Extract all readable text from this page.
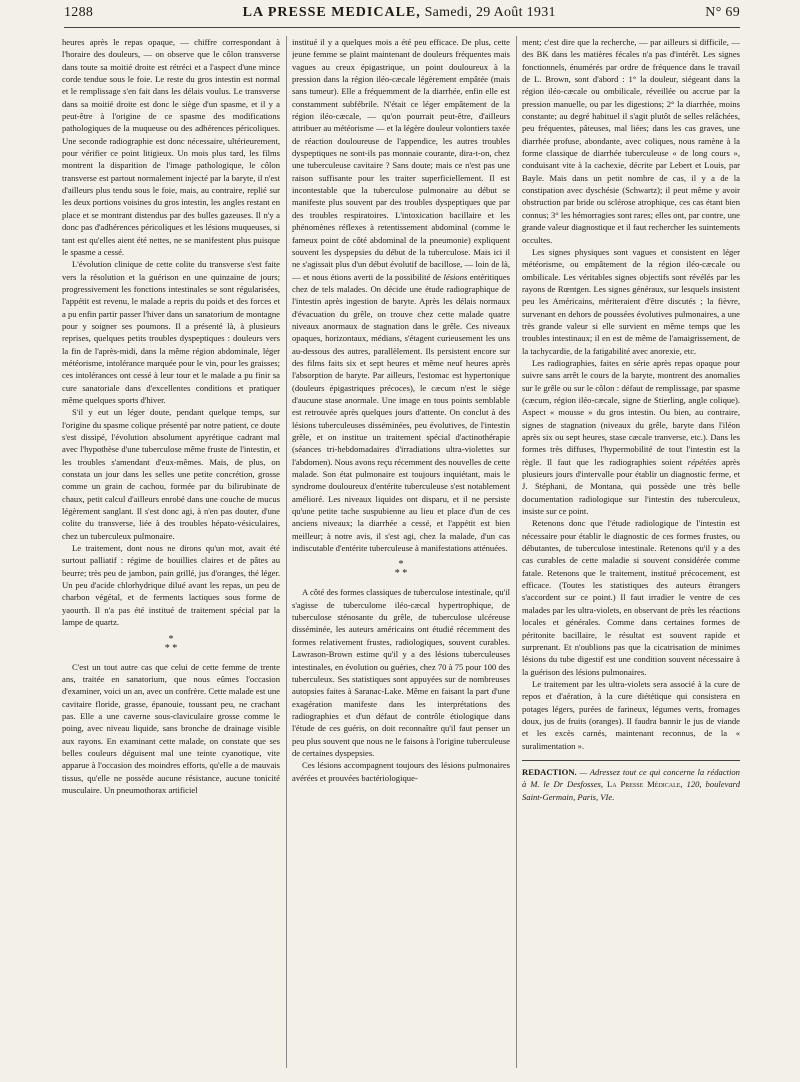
1288	LA PRESSE MEDICALE, Samedi, 29 Août 1931	N° 69

heures après le repas opaque, — chiffre correspondant à l'horaire des douleurs, — on observe que le côlon transverse dans toute sa moitié droite est rétréci et a l'aspect d'une mince corde tendue sous le foie. Le reste du gros intestin est normal et le remplissage s'en fait dans les délais voulus. Le transverse dans sa moitié droite est donc le siège d'un spasme, et il y a peut-être à l'origine de ce spasme des modifications pathologiques de la muqueuse ou des adhérences péricoliques. Une seconde radiographie est donc nécessaire, ultérieurement, pour vérifier ce point litigieux. Un mois plus tard, les films montrent la disparition de l'image pathologique, le côlon transverse est partout normalement injecté par la baryte, il n'est d'ailleurs plus tendu sous le foie, mais, au contraire, replié sur les deux portions voisines du gros intestin, les angles restant en place et se montrant distendus par des bulles gazeuses. Il n'y a donc pas d'adhérences péricoliques et les lésions muqueuses, si tant est qu'elles aient été nettes, ne se manifestent plus puisque le spasme a cessé.

L'évolution clinique de cette colite du transverse s'est faite vers la résolution et la guérison en une quinzaine de jours; progressivement les fonctions intestinales se sont régularisées, l'appétit est revenu, le malade a repris du poids et des forces et a pu enfin partir passer l'hiver dans un sanatorium de montagne pour y soigner ses poumons. Il a présenté là, à plusieurs reprises, quelques petits troubles dyspeptiques : douleurs vers la fin de l'après-midi, dans la même région abdominale, léger météorisme, intolérance marquée pour le vin, pour les graisses; ces intolérances ont cessé à leur tour et le malade a pu finir sa cure sanatoriale dans d'excellentes conditions et pratiquer même quelques sports d'hiver.

S'il y eut un léger doute, pendant quelque temps, sur l'origine du spasme colique présenté par notre patient, ce doute s'est dissipé, l'évolution absolument apyrétique cadrant mal avec l'hypothèse d'une tuberculose même fruste de l'intestin, et les troubles s'amendant d'eux-mêmes. Mais, de plus, on constata un jour dans les selles une petite concrétion, grosse comme un grain de cachou, formée par du bilirubinate de chaux, petit calcul d'ailleurs enrobé dans une couche de mucus légèrement sanglant. Il s'est donc agi, à n'en pas douter, d'une colite du transverse, liée à des troubles hépato-vésiculaires, chez un tuberculeux pulmonaire.

Le traitement, dont nous ne dirons qu'un mot, avait été surtout palliatif : régime de bouillies claires et de pâtes au beurre; très peu de jambon, pain grillé, jus d'oranges, thé léger. Un peu d'acide chlorhydrique dilué avant les repas, un peu de charbon végétal, et de ferments lactiques sous forme de yaourth. Il n'a pas été institué de traitement spécial par la lampe de quartz.

*
* *

C'est un tout autre cas que celui de cette femme de trente ans, traitée en sanatorium, que nous eûmes l'occasion d'examiner, voici un an, avec un confrère. Cette malade est une cavitaire floride, grasse, épanouie, toussant peu, ne crachant pas. Elle a une caverne sous-claviculaire grosse comme le poing, avec niveau liquide, sans bronche de drainage visible aux rayons. En examinant cette malade, on constate que ses belles couleurs déguisent mal une teinte cyanotique, vite apparue à l'occasion des moindres efforts, qu'elle a de mauvais tissus, qu'elle ne possède aucune résistance, aucune tonicité musculaire. Un pneumothorax artificiel

institué il y a quelques mois a été peu efficace. De plus, cette jeune femme se plaint maintenant de douleurs fréquentes mais vagues au creux épigastrique, un point douloureux à la pression dans la région iléo-cæcale légèrement empâtée (mais sans tumeur). Elle a fréquemment de la diarrhée, enfin elle est constamment subfébrile. N'était ce léger empâtement de la région iléo-cæcale, — qu'on pourrait peut-être, d'ailleurs attribuer au météorisme — et la légère douleur volontiers taxée de réaction douloureuse de l'appendice, les autres troubles dyspeptiques ne sont-ils pas monnaie courante, dira-t-on, chez une tuberculeuse cavitaire ? Sans doute; mais ce n'est pas une raison suffisante pour les traiter superficiellement. Il est incontestable que la tuberculose pulmonaire au début se manifeste plus souvent par des troubles dyspeptiques que par des troubles respiratoires. L'intoxication bacillaire et les phénomènes réflexes à retentissement abdominal (comme le fameux point de côté abdominal de la pneumonie) expliquent souvent les dyspepsies du début de la tuberculose. Mais ici il ne s'agissait plus d'un début évolutif de bacillose, — loin de là, — et nous étions averti de la possibilité de lésions entéritiques chez de tels malades. On décide une étude radiographique de l'intestin après ingestion de baryte. Après les délais normaux d'évacuation du grêle, on trouve chez cette malade quatre niveaux anormaux de stagnation dans le grêle. Ces niveaux opaques, horizontaux, médians, s'étagent curieusement les uns au-dessous des autres, parallèlement. Ils persistent encore sur des films faits six et sept heures et même neuf heures après l'absorption de baryte. Par ailleurs, l'estomac est hypertonique (douleurs épigastriques précoces), le cæcum n'est le siège d'aucune stase anormale. Une image en tous points semblable est retrouvée après quelques jours d'attente. On conclut à des lésions tuberculeuses disséminées, peu évolutives, de l'intestin grêle, et on institue un traitement spécial d'actinothérapie (séances tri-hebdomadaires d'irradiations ultra-violettes sur l'abdomen). Nous avons reçu récemment des nouvelles de cette malade. Son état pulmonaire est toujours inquiétant, mais le syndrome douloureux d'entérite tuberculeuse s'est notablement amélioré. Les niveaux liquides ont disparu, et il ne persiste qu'une petite tache suspubienne au lieu et place d'un de ces anciens niveaux; la diarrhée a cessé, et l'appétit est bien meilleur; à notre avis, il s'est agi, chez la malade, d'un cas indiscutable d'entérite tuberculeuse à manifestations atténuées.

*
* *

A côté des formes classiques de tuberculose intestinale, qu'il s'agisse de tuberculome iléo-cæcal hypertrophique, de tuberculose sténosante du grêle, de tuberculose ulcéreuse disséminée, les auteurs américains ont étudié récemment des formes relativement frustes, radiologiques, souvent curables. Lawrason-Brown estime qu'il y a des lésions tuberculeuses intestinales, en évolution ou guéries, chez 70 à 75 pour 100 des tuberculeux. Ses statistiques sont appuyées sur de nombreuses autopsies faites à Saranac-Lake. Même en faisant la part d'une exagération manifeste dans les interprétations des radiographies et d'un défaut de contrôle étiologique dans l'étude de ces guéris, on doit reconnaître qu'il faut penser un peu plus souvent que nous ne le faisons à l'origine tuberculeuse de certaines dyspepsies.

Ces lésions accompagnent toujours des lésions pulmonaires avérées et prouvées bactériologique-

ment; c'est dire que la recherche, — par ailleurs si difficile, — des BK dans les matières fécales n'a pas d'intérêt. Les signes fonctionnels, énumérés par ordre de fréquence dans le travail de L. Brown, sont d'abord : 1° la douleur, siégeant dans la région iléo-cæcale ou ombilicale, réveillée ou accrue par la pression manuelle, ou par les digestions; 2° la diarrhée, moins constante; au degré habituel il s'agit plutôt de selles relâchées, peu fréquentes, pâteuses, mal liées; dans les cas graves, une diarrhée profuse, abondante, avec coliques, nous ramène à la forme classique de diarrhée tuberculeuse « de long cours », conduisant vite à la cachexie, décrite par Lebert et Louis, par Bayle. Mais dans un petit nombre de cas, il y a de la constipation avec dyschésie (Schwartz); il peut même y avoir obstruction par bride ou sclérose atrophique, ces cas étant bien connus; 3° les hémorragies sont rares; elles ont, par contre, une grande valeur diagnostique et il faut rechercher les suintements occultes.

Les signes physiques sont vagues et consistent en léger météorisme, ou empâtement de la région iléo-cæcale ou ombilicale. Les véritables signes objectifs sont révélés par les rayons de Rœntgen. Les signes généraux, sur lesquels insistent peu les Américains, mériteraient d'être discutés ; la fièvre, survenant en dehors de poussées évolutives pulmonaires, a une très grande valeur si elle survient en même temps que les troubles intestinaux; il en est de même de l'amaigrissement, de la tachycardie, de la fatigabilité avec anorexie, etc.

Les radiographies, faites en série après repas opaque pour suivre sans arrêt le cours de la baryte, montrent des anomalies sur le grêle ou sur le côlon : défaut de remplissage, par spasme (cæcum, région iléo-cæcale, signe de Stierling, angle colique). Aspect « mousse » du gros intestin. Ou bien, au contraire, signes de stagnation (niveaux du grêle, baryte dans l'iléon après six ou sept heures, stase cæcale tranverse, etc.). Dans les formes très diffuses, l'hypermobilité de tout l'intestin est la règle. Il faut que les radiographies soient répétées après plusieurs jours d'intervalle pour établir un diagnostic ferme, et J. Stéphani, de Montana, qui possède une très belle documentation radiologique sur l'intestin des tuberculeux, insiste sur ce point.

Retenons donc que l'étude radiologique de l'intestin est nécessaire pour établir le diagnostic de ces formes frustes, ou débutantes, de tuberculose intestinale. Retenons qu'il y a des cas curables de cette maladie si souvent considérée comme fatale. Retenons que le traitement, institué précocement, est efficace. (Toutes les statistiques des auteurs étrangers s'accordent sur ce point.) Il faut irradier le ventre de ces malades par les ultra-violets, en observant de près les réactions locales et générales. Comme dans certaines formes de péritonite bacillaire, le résultat est souvent rapide et surprenant. Et n'oublions pas que la cicatrisation de minimes lésions du tube digestif est une condition souvent nécessaire à la guérison des lésions pulmonaires.

Le traitement par les ultra-violets sera associé à la cure de repos et d'aération, à la cure diététique qui consistera en potages légers, purées de farineux, légumes verts, fromages doux, jus de fruits (oranges). Il faudra bannir le jus de viande et les excès carnés, maintenant reconnus, de la « suralimentation ».

REDACTION. — Adressez tout ce qui concerne la rédaction à M. le Dr Desfosses, La Presse Médicale, 120, boulevard Saint-Germain, Paris, VIe.
